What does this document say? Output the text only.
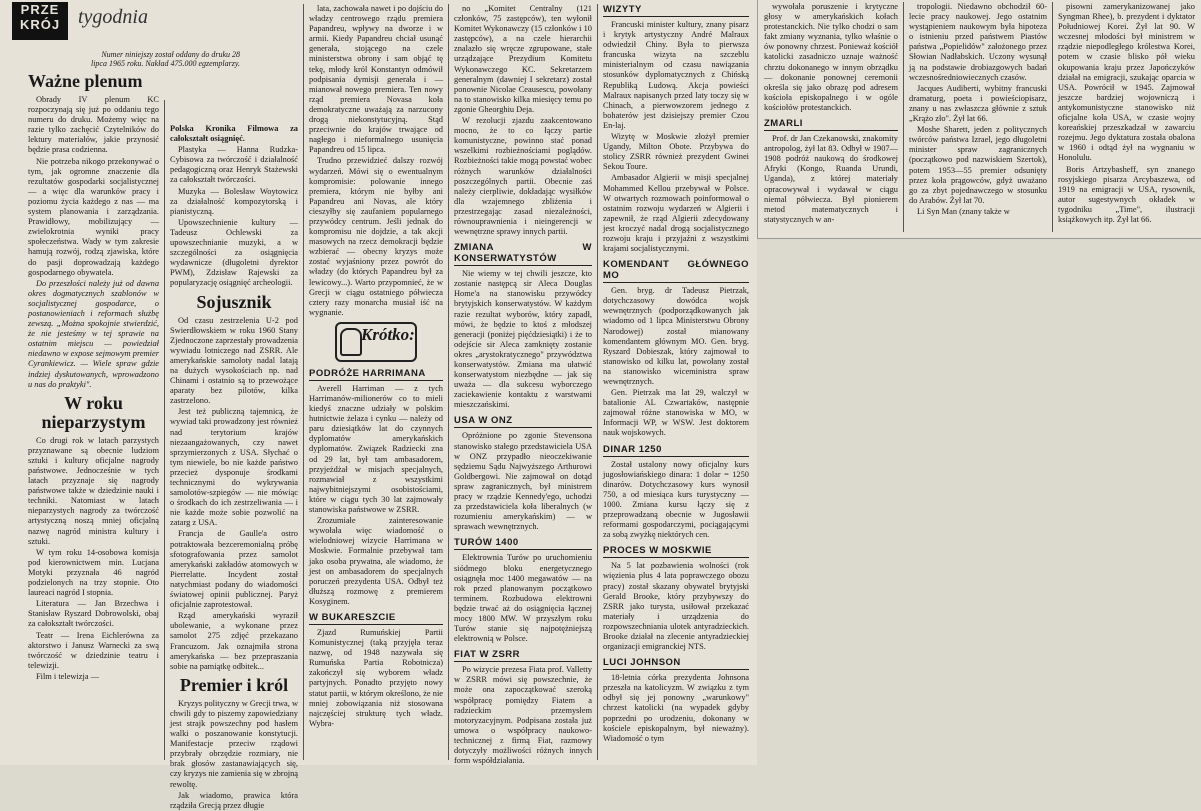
PRZE
KRÓJ tygodnia
Numer niniejszy został oddany do druku 28 lipca 1965 roku. Nakład 475.000 egzemplarzy.
Ważne plenum

Obrady IV plenum KC rozpoczynają się już po oddaniu tego numeru do druku. Możemy więc na razie tylko zachęcić Czytelników do lektury materiałów, jakie przynosić będzie prasa codzienna.

Nie potrzeba nikogo przekonywać o tym, jak ogromne znaczenie dla rezultatów gospodarki socjalistycznej — a więc dla warunków pracy i poziomu życia każdego z nas — ma system planowania i zarządzania. Prawidłowy, mobilizujący — zwielokrotnia wyniki pracy społeczeństwa. Wady w tym zakresie hamują rozwój, rodzą zjawiska, które do pasji doprowadzają każdego gospodarnego obywatela.

Do przeszłości należy już od dawna okres dogmatycznych szablonów w socjalistycznej gospodarce, o postanowieniach i reformach służbę zewszą. „Można spokojnie stwierdzić, że nie jesteśmy w tej sprawie na ostatnim miejscu — powiedział niedawno w expose sejmowym premier Cyrankiewicz. — Wiele spraw gdzie indziej dyskutowanych, wprowadzono u nas do praktyki".

W roku nieparzystym

Co drugi rok w latach parzystych przyznawane są obecnie ludziom sztuki i kultury oficjalne nagrody państwowe. Jednocześnie w tych latach przyznaje się nagrody państwowe także w dziedzinie nauki i techniki. Natomiast w latach nieparzystych nagrody za twórczość artystyczną noszą mniej oficjalną nazwę nagród ministra kultury i sztuki.

W tym roku 14-osobowa komisja pod kierownictwem min. Lucjana Motyki przyznała 46 nagród podzielonych na trzy stopnie. Oto laureaci nagród I stopnia.

Literatura — Jan Brzechwa i Stanisław Ryszard Dobrowolski, obaj za całokształt twórczości.

Teatr — Irena Eichlerówna za aktorstwo i Janusz Warnecki za swą twórczość w dziedzinie teatru i telewizji.

Film i telewizja —

Polska Kronika Filmowa za całokształt osiągnięć.

Plastyka — Hanna Rudzka-Cybisowa za twórczość i działalność pedagogiczną oraz Henryk Stażewski za całokształt twórczości.

Muzyka — Bolesław Woytowicz za działalność kompozytorską i pianistyczną.

Upowszechnienie kultury — Tadeusz Ochlewski za upowszechnianie muzyki, a w szczególności za osiągnięcia wydawnicze (długoletni dyrektor PWM), Zdzisław Rajewski za popularyzację osiągnięć archeologii.

Sojusznik

Od czasu zestrzelenia U-2 pod Swierdłowskiem w roku 1960 Stany Zjednoczone zaprzestały prowadzenia wywiadu lotniczego nad ZSRR. Ale amerykańskie samoloty nadal latają na dużych wysokościach np. nad Chinami i ostatnio są to przewożące aparaty bez pilotów, kilka zastrzelono.

Jest też publiczną tajemnicą, że wywiad taki prowadzony jest również nad terytorium krajów niezaangażowanych, czy nawet sprzymierzonych z USA. Słychać o tym niewiele, bo nie każde państwo przecież dysponuje środkami technicznymi do wykrywania samolotów-szpiegów — nie mówiąc o środkach do ich zestrzeliwania — i nie każde może sobie pozwolić na zatarg z USA.

Francja de Gaulle'a ostro potraktowała bezceremonialną próbę sfotografowania przez samolot amerykański zakładów atomowych w Pierrelatte. Incydent został natychmiast podany do wiadomości światowej opinii publicznej. Paryż oficjalnie zaprotestował.

Rząd amerykański wyraził ubolewanie, a wykonane przez samolot 275 zdjęć przekazano Francuzom. Jak oznajmiła strona amerykańska — bez przepraszania sobie na pamiątkę odbitek...

Premier i król

Kryzys polityczny w Grecji trwa, w chwili gdy to piszemy zapowiedziany jest strajk powszechny pod hasłem walki o poszanowanie konstytucji. Manifestacje przeciw rządowi przybrały obrzędzie rozmiary, nie brak głosów zastanawiających się, czy kryzys nie zamienia się w zbrojną rewoltę.

Jak wiadomo, prawica która rządziła Grecją przez długie

lata, zachowała nawet i po dojściu do władzy centrowego rządu premiera Papandreu, wpływy na dworze i w armii. Kiedy Papandreu chciał usunąć generała, stojącego na czele ministerstwa obrony i sam objąć tę tekę, młody król Konstantyn odmówił podpisania dymisji generała i — mianował nowego premiera. Ten nowy rząd premiera Novasa koła demokratyczne uważają za narzucony drogą niekonstytucyjną. Stąd przeciwnie do krajów trwające od nagłego i nieformalnego usunięcia Papandreu od 15 lipca.

Trudno przewidzieć dalszy rozwój wydarzeń. Mówi się o ewentualnym kompromisie: polowanie innego premiera, którym nie byłby ani Papandreu ani Novas, ale który cieszyłby się zaufaniem popularnego przywódcy centrum. Jeśli jednak do kompromisu nie dojdzie, a tak akcji masowych na rzecz demokracji będzie wzbierać — obecny kryzys może zostać wyjaśniony przez powrót do władzy (do których Papandreu był za lewicowy...). Warto przypomnieć, że w Grecji w ciągu ostatniego półwiecza cztery razy monarcha musiał iść na wygnanie.

Krótko:
PODRÓŻE HARRIMANA

Averell Harriman — z tych Harrimanów-milionerów co to mieli kiedyś znaczne udziały w polskim hutnictwie żelaza i cynku — należy od paru dziesiątków lat do czynnych dyplomatów amerykańskich dyplomatów. Związek Radziecki zna od 29 lat, był tam ambasadorem, przyjeżdżał w misjach specjalnych, rozmawiał z wszystkimi najwybitniejszymi osobistościami, które w ciągu tych 30 lat zajmowały stanowiska państwowe w ZSRR.

Zrozumiałe zainteresowanie wywołała więc wiadomość o wielodniowej wizycie Harrimana w Moskwie. Formalnie przebywał tam jako osoba prywatna, ale wiadomo, że jest on ambasadorem do specjalnych poruczeń prezydenta USA. Odbył też dłuższą rozmowę z premierem Kosyginem.

W BUKARESZCIE

Zjazd Rumuńskiej Partii Komunistycznej (taką przyjęła teraz nazwę, od 1948 nazywała się Rumuńska Partia Robotnicza) zakończył się wyborem władz partyjnych. Ponadto przyjęto nowy statut partii, w którym określono, że nie mniej zobowiązania niż stosowana najczęściej strukturę tych władz. Wybra-

no „Komitet Centralny (121 członków, 75 zastępców), ten wyłonił Komitet Wykonawczy (15 członków i 10 zastępców), a na czele hierarchii znalazło się wręcze zgrupowane, stałe urządzające Prezydium Komitetu Wykonawczego KC. Sekretarzem generalnym (dawniej I sekretarz) został ponownie Nicolae Ceausescu, powołany na to stanowisko kilka miesięcy temu po zgonie Gheorghiu Deja.

W rezolucji zjazdu zaakcentowano mocno, że to co łączy partie komunistyczne, powinno stać ponad wszelkimi rozbieżnościami poglądów. Rozbieżności takie mogą powstać wobec różnych warunków działalności poszczególnych partii. Obecnie zaś należy cierpliwie, dokładając wysiłków dla wzajemnego zbliżenia i przestrzegając zasad niezależności, równouprawnienia i nieingerencji w wewnętrzne sprawy innych partii.

ZMIANA W KONSERWATYSTÓW

Nie wiemy w tej chwili jeszcze, kto zostanie następcą sir Aleca Douglas Home'a na stanowisku przywódcy brytyjskich konserwatystów. W każdym razie rezultat wyborów, który zapadł, mówi, że będzie to ktoś z młodszej generacji (poniżej pięćdziesiątki) i że to odejście sir Aleca zamknięty zostanie okres „arystokratycznego" przywództwa konserwatystów. Zmiana ma ułatwić konserwatystom niezbędne — jak się uważa — dla sukcesu wyborczego zaciekawienie kontaktu z warstwami mieszczańskimi.

USA W ONZ

Opróżnione po zgonie Stevensona stanowisko stałego przedstawiciela USA w ONZ przypadło nieoczekiwanie sędziemu Sądu Najwyższego Arthurowi Goldbergowi. Nie zajmował on dotąd spraw zagranicznych, był ministrem pracy w rządzie Kennedy'ego, uchodzi za przedstawiciela koła liberalnych (w rozumieniu amerykańskim) — w sprawach wewnętrznych.

TURÓW 1400

Elektrownia Turów po uruchomieniu siódmego bloku energetycznego osiągnęła moc 1400 megawatów — na rok przed planowanym początkowo terminem. Rozbudowa elektrowni będzie trwać aż do osiągnięcia łącznej mocy 1800 MW. W przyszłym roku Turów stanie się najpotężniejszą elektrownią w Polsce.

FIAT W ZSRR

Po wizycie prezesa Fiata prof. Valletty w ZSRR mówi się powszechnie, że może ona zapoczątkować szeroką współpracę pomiędzy Fiatem a radzieckim przemysłem motoryzacyjnym. Podpisana została już umowa o współpracy naukowo-technicznej z firmą Fiat, razmowy dotyczyły możliwości różnych innych form współdziałania.

WIZYTY

Francuski minister kultury, znany pisarz i krytyk artystyczny André Malraux odwiedził Chiny. Była to pierwsza francuska wizyta na szczeblu ministerialnym od czasu nawiązania stosunków dyplomatycznych z Chińską Republiką Ludową. Akcja powieści Malraux napisanych przed laty toczy się w Chinach, a pierwowzorem jednego z bohaterów jest dzisiejszy premier Czou En-laj.

Wizytę w Moskwie złożył premier Ugandy, Milton Obote. Przybywa do stolicy ZSRR również prezydent Gwinei Sekou Toure.

Ambasador Algierii w misji specjalnej Mohammed Kellou przebywał w Polsce. W otwartych rozmowach poinformował o ostatnim rozwoju wydarzeń w Algierii i zapewnił, że rząd Algierii zdecydowany jest kroczyć nadal drogą socjalistycznego rozwoju kraju i przyjaźni z wszystkimi krajami socjalistycznymi.

KOMENDANT GŁÓWNEGO MO

Gen. bryg. dr Tadeusz Pietrzak, dotychczasowy dowódca wojsk wewnętrznych (podporządkowanych jak wiadomo od 1 lipca Ministerstwu Obrony Narodowej) został mianowany komendantem głównym MO. Gen. bryg. Ryszard Dobieszak, który zajmował to stanowisko od kilku lat, powołany został na stanowisko wiceministra spraw wewnętrznych.

Gen. Pietrzak ma lat 29, walczył w batalionie AL Czwartaków, następnie zajmował różne stanowiska w MO, w Informacji WP, w WSW. Jest doktorem nauk wojskowych.

DINAR 1250

Został ustalony nowy oficjalny kurs jugosłowiańskiego dinara: 1 dolar = 1250 dinarów. Dotychczasowy kurs wynosił 750, a od miesiąca kurs turystyczny — 1000. Zmiana kursu łączy się z przeprowadzaną obecnie w Jugosławii reformami gospodarczymi, pociągającymi za sobą zwyżkę niektórych cen.

PROCES W MOSKWIE

Na 5 lat pozbawienia wolności (rok więzienia plus 4 lata poprawczego obozu pracy) został skazany obywatel brytyjski Gerald Brooke, który przybywszy do ZSRR jako turysta, usiłował przekazać materiały i urządzenia do rozpowszechniania ulotek antyradzieckich. Brooke działał na zlecenie antyradzieckiej organizacji emigranckiej NTS.

LUCI JOHNSON

18-letnia córka prezydenta Johnsona przeszła na katolicyzm. W związku z tym odbył się jej ponowny „warunkowy" chrzest katolicki (na wypadek gdyby poprzedni po urodzeniu, dokonany w kościele episkopalnym, był nieważny). Wiadomość o tym

wywołała poruszenie i krytyczne głosy w amerykańskich kołach protestanckich. Nie tylko chodzi o sam fakt zmiany wyznania, tylko właśnie o ów ponowny chrzest. Ponieważ kościół katolicki zasadniczo uznaje ważność chrztu dokonanego w innym obrządku — dokonanie ponownej ceremonii określa się jako obrazę pod adresem kościoła episkopalnego i w ogóle kościołów protestanckich.

ZMARLI

Prof. dr Jan Czekanowski, znakomity antropolog, żył lat 83. Odbył w 1907—1908 podróż naukową do środkowej Afryki (Kongo, Ruanda Urundi, Uganda), z której materiały opracowywał i wydawał w ciągu niemal półwiecza. Był pionierem metod matematycznych i statystycznych w an-

tropologii. Niedawno obchodził 60-lecie pracy naukowej. Jego ostatnim wystąpieniem naukowym była hipoteza o istnieniu przed państwem Piastów państwa „Popielidów" założonego przez Słowian Nadłabskich. Uczony wysunął ją na podstawie drobiazgowych badań wczesnośredniowiecznych czasów.

Jacques Audiberti, wybitny francuski dramaturg, poeta i powieściopisarz, znany u nas zwłaszcza głównie z sztuk „Krążo zło". Żył lat 66.

Moshe Sharett, jeden z politycznych twórców państwa Izrael, jego długoletni minister spraw zagranicznych (początkowo pod nazwiskiem Szertok), potem 1953—55 premier odsunięty przez koła prągowców, gdyż uważano go za zbyt pojednawczego w stosunku do Arabów. Żył lat 70.

Li Syn Man (znany także w

pisowni zamerykanizowanej jako Syngman Rhee), b. prezydent i dyktator Południowej Korei. Żył lat 90. W wczesnej młodości był ministrem w rządzie niepodległego królestwa Korei, potem w czasie blisko pół wieku okupowania kraju przez Japończyków działał na emigracji, szukając oparcia w USA. Powrócił w 1945. Zajmował jeszcze bardziej wojowniczą i antykomunistyczne stanowisko niż oficjalne koła USA, w czasie wojny koreańskiej przeszkadzał w zawarciu rozejmu. Jego dyktatura została obalona w 1960 i odtąd żył na wygnaniu w Honolulu.

Boris Artzybasheff, syn znanego rosyjskiego pisarza Arcybaszewa, od 1919 na emigracji w USA, rysownik, autor sugestywnych okładek w tygodniku „Time", ilustracji książkowych itp. Żył lat 66.
